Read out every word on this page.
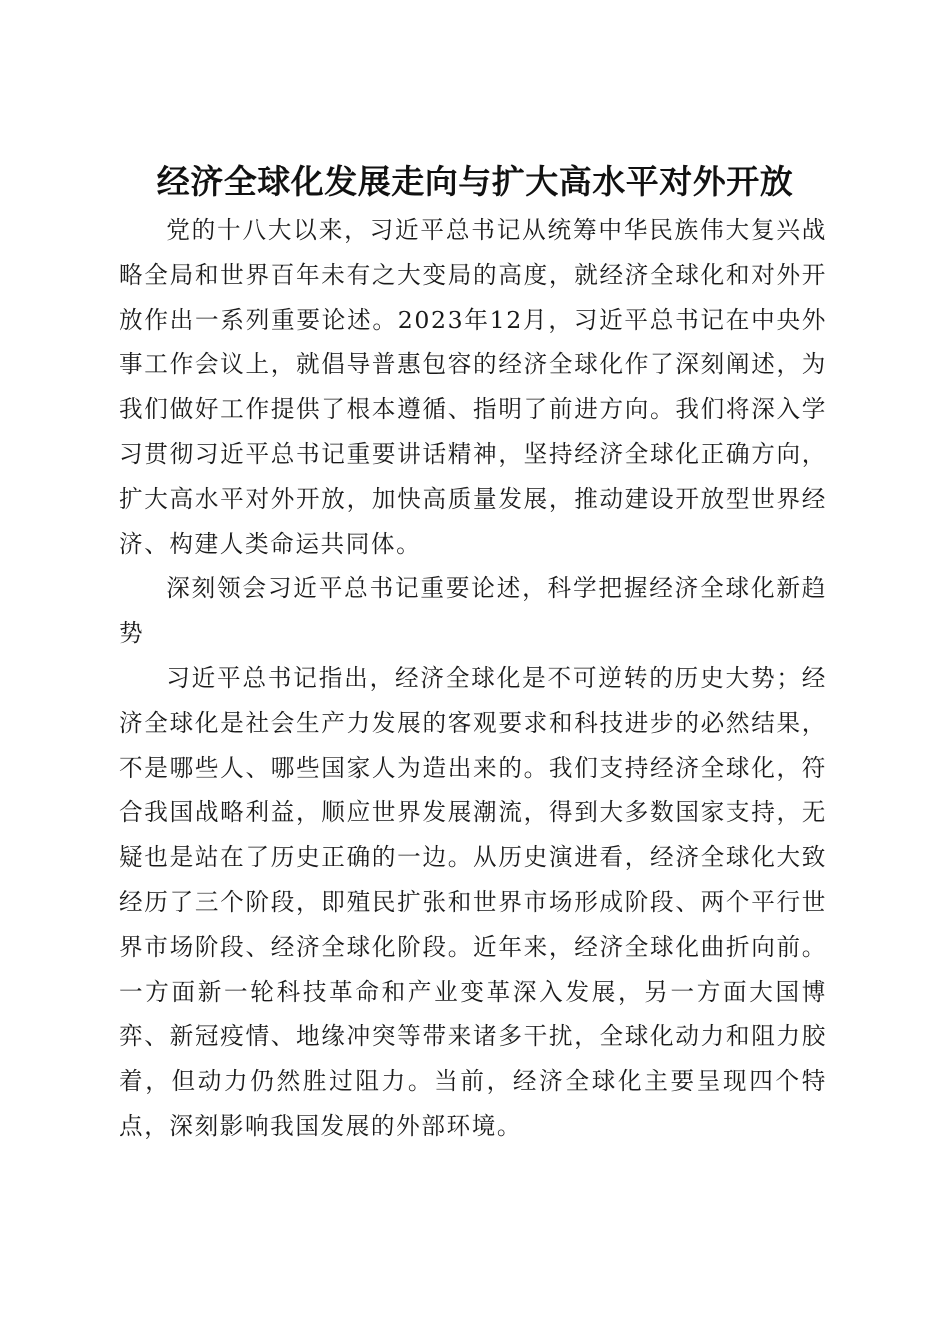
经济全球化发展走向与扩大高水平对外开放

党的十八大以来，习近平总书记从统筹中华民族伟大复兴战略全局和世界百年未有之大变局的高度，就经济全球化和对外开放作出一系列重要论述。2023年12月，习近平总书记在中央外事工作会议上，就倡导普惠包容的经济全球化作了深刻阐述，为我们做好工作提供了根本遵循、指明了前进方向。我们将深入学习贯彻习近平总书记重要讲话精神，坚持经济全球化正确方向，扩大高水平对外开放，加快高质量发展，推动建设开放型世界经济、构建人类命运共同体。

深刻领会习近平总书记重要论述，科学把握经济全球化新趋势

习近平总书记指出，经济全球化是不可逆转的历史大势；经济全球化是社会生产力发展的客观要求和科技进步的必然结果，不是哪些人、哪些国家人为造出来的。我们支持经济全球化，符合我国战略利益，顺应世界发展潮流，得到大多数国家支持，无疑也是站在了历史正确的一边。从历史演进看，经济全球化大致经历了三个阶段，即殖民扩张和世界市场形成阶段、两个平行世界市场阶段、经济全球化阶段。近年来，经济全球化曲折向前。一方面新一轮科技革命和产业变革深入发展，另一方面大国博弈、新冠疫情、地缘冲突等带来诸多干扰，全球化动力和阻力胶着，但动力仍然胜过阻力。当前，经济全球化主要呈现四个特点，深刻影响我国发展的外部环境。
